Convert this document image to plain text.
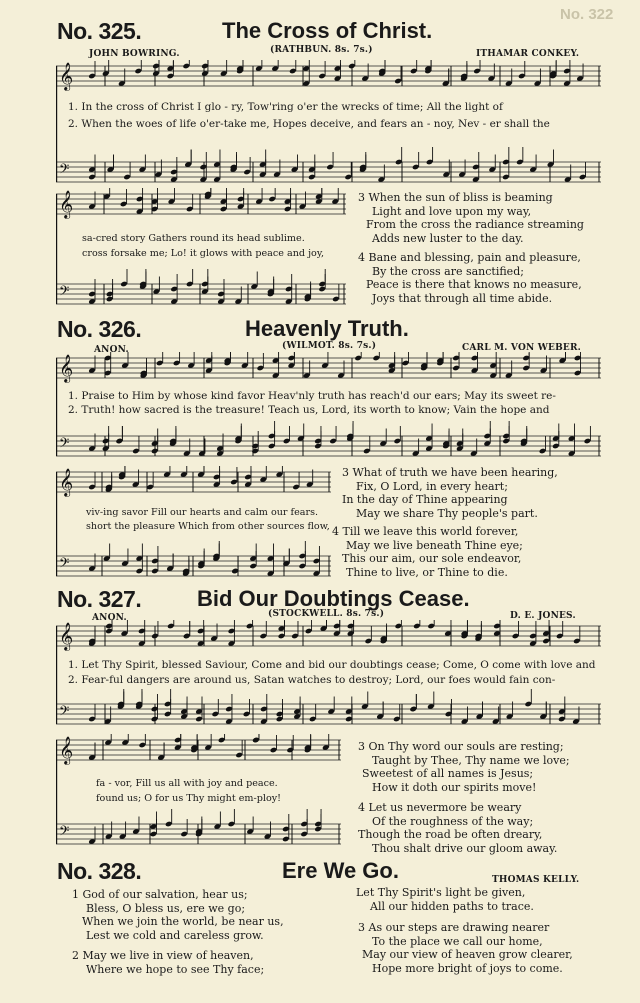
No. 322
No. 325.	The Cross of Christ.
JOHN BOWRING.	(RATHBUN. 8s. 7s.)	ITHAMAR CONKEY.
𝄞
𝄢
1. In the cross of Christ I glo - ry, Tow'ring o'er the wrecks of time; All the light of
2. When the woes of life o'er-take me, Hopes deceive, and fears an - noy, Nev - er shall the
𝄞
𝄢
sa-cred story Gathers round its head sublime.
cross forsake me; Lo! it glows with peace and joy,
3 When the sun of bliss is beaming
Light and love upon my way,
From the cross the radiance streaming
Adds new luster to the day.
4 Bane and blessing, pain and pleasure,
By the cross are sanctified;
Peace is there that knows no measure,
Joys that through all time abide.
No. 326.	Heavenly Truth.
ANON.	(WILMOT. 8s. 7s.)	CARL M. VON WEBER.
𝄞
𝄢
1. Praise to Him by whose kind favor Heav'nly truth has reach'd our ears; May its sweet re-
2. Truth! how sacred is the treasure! Teach us, Lord, its worth to know; Vain the hope and
𝄞
𝄢
viv-ing savor Fill our hearts and calm our fears.
short the pleasure Which from other sources flow,
3 What of truth we have been hearing,
Fix, O Lord, in every heart;
In the day of Thine appearing
May we share Thy people's part.
4 Till we leave this world forever,
May we live beneath Thine eye;
This our aim, our sole endeavor,
Thine to live, or Thine to die.
No. 327.	Bid Our Doubtings Cease.
ANON.	(STOCKWELL. 8s. 7s.)	D. E. JONES.
𝄞
𝄢
1. Let Thy Spirit, blessed Saviour, Come and bid our doubtings cease; Come, O come with love and
2. Fear-ful dangers are around us, Satan watches to destroy; Lord, our foes would fain con-
𝄞
𝄢
fa - vor, Fill us all with joy and peace.
found us; O for us Thy might em-ploy!
3 On Thy word our souls are resting;
Taught by Thee, Thy name we love;
Sweetest of all names is Jesus;
How it doth our spirits move!
4 Let us nevermore be weary
Of the roughness of the way;
Though the road be often dreary,
Thou shalt drive our gloom away.
No. 328.	Ere We Go.	THOMAS KELLY.
1 God of our salvation, hear us;
Bless, O bless us, ere we go;
When we join the world, be near us,
Lest we cold and careless grow.
2 May we live in view of heaven,
Where we hope to see Thy face;
Let Thy Spirit's light be given,
All our hidden paths to trace.
3 As our steps are drawing nearer
To the place we call our home,
May our view of heaven grow clearer,
Hope more bright of joys to come.
